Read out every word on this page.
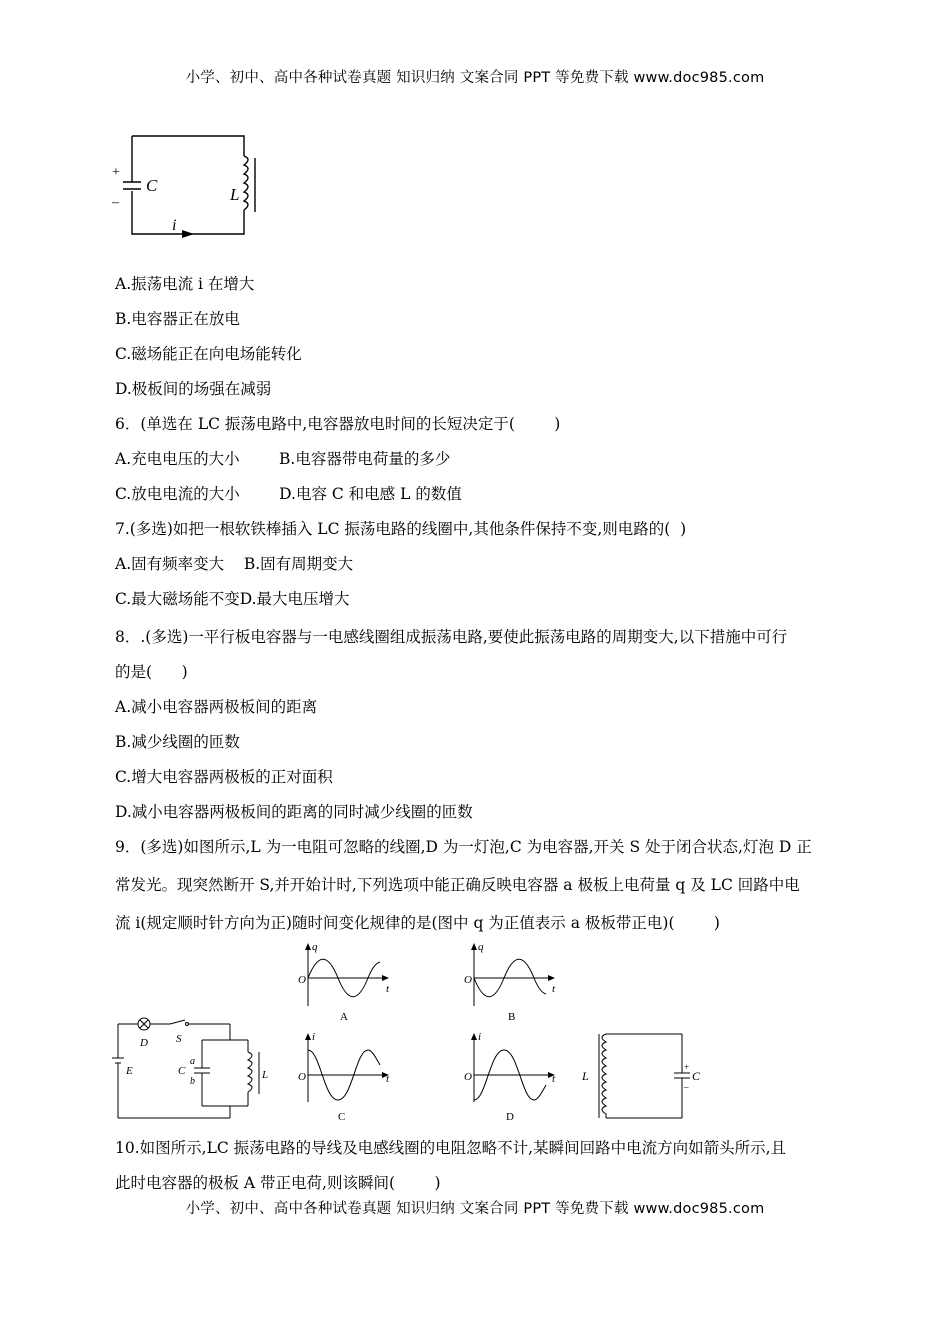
小学、初中、高中各种试卷真题 知识归纳 文案合同 PPT 等免费下载 www.doc985.com
+
–
C	L
i
A.振荡电流 i 在增大
B.电容器正在放电
C.磁场能正在向电场能转化
D.极板间的场强在减弱
6．(单选在 LC 振荡电路中,电容器放电时间的长短决定于(        )
A.充电电压的大小        B.电容器带电荷量的多少
C.放电电流的大小        D.电容 C 和电感 L 的数值
7.(多选)如把一根软铁棒插入 LC 振荡电路的线圈中,其他条件保持不变,则电路的(  )
A.固有频率变大    B.固有周期变大
C.最大磁场能不变D.最大电压增大
8．.(多选)一平行板电容器与一电感线圈组成振荡电路,要使此振荡电路的周期变大,以下措施中可行
的是(      )
A.减小电容器两极板间的距离
B.减少线圈的匝数
C.增大电容器两极板的正对面积
D.减小电容器两极板间的距离的同时减少线圈的匝数
9．(多选)如图所示,L 为一电阻可忽略的线圈,D 为一灯泡,C 为电容器,开关 S 处于闭合状态,灯泡 D 正
常发光。现突然断开 S,并开始计时,下列选项中能正确反映电容器 a 极板上电荷量 q 及 LC 回路中电
流 i(规定顺时针方向为正)随时间变化规律的是(图中 q 为正值表示 a 极板带正电)(        )
q
O
t
A
q
O
t
B
i
O	t
C
i
O	t
D
D	S
E	C
a
b
L	L	C
+
–
10.如图所示,LC 振荡电路的导线及电感线圈的电阻忽略不计,某瞬间回路中电流方向如箭头所示,且
此时电容器的极板 A 带正电荷,则该瞬间(        )
小学、初中、高中各种试卷真题 知识归纳 文案合同 PPT 等免费下载 www.doc985.com
